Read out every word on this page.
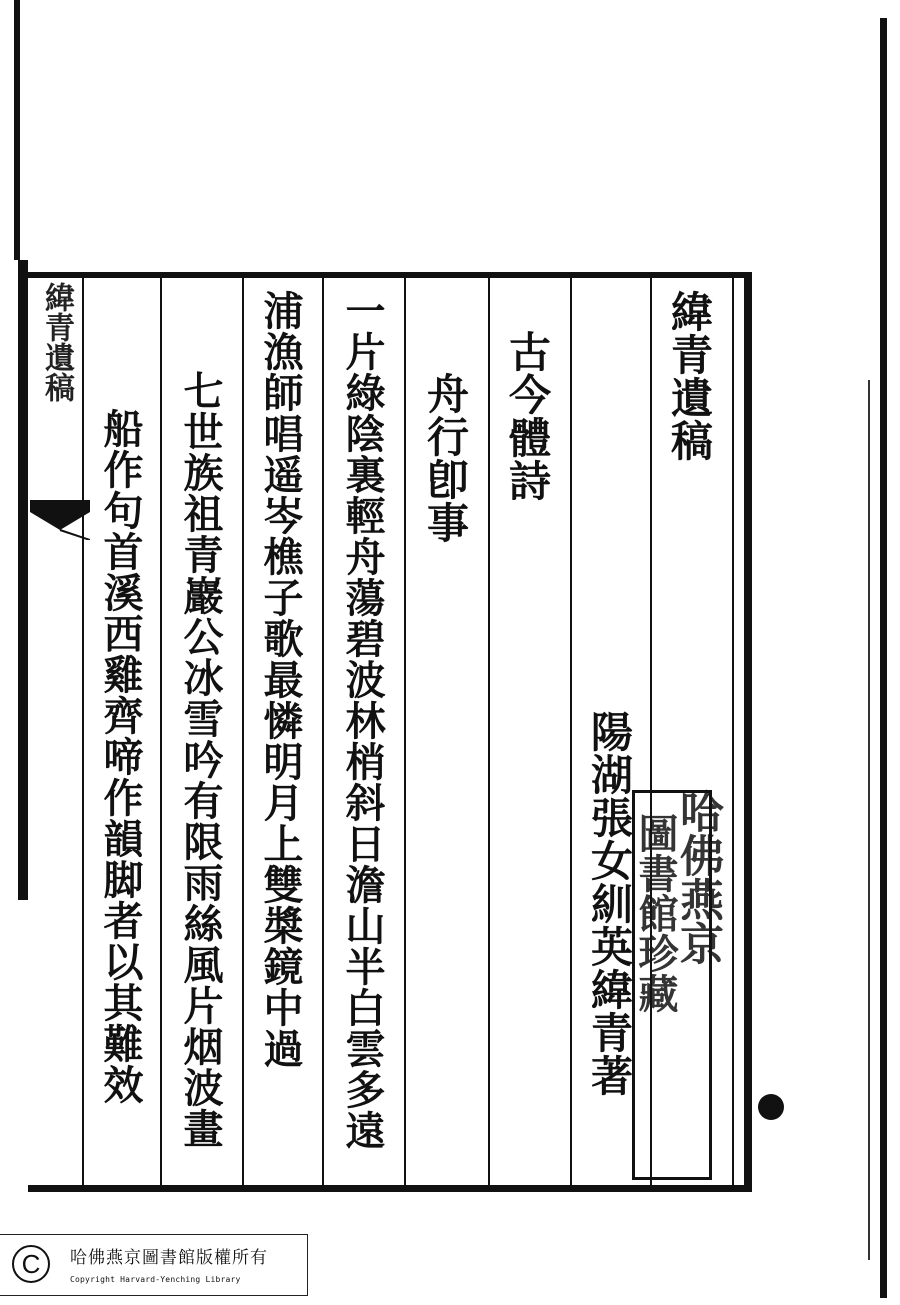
緯青遺稿
哈佛燕京
圖書館珍藏
緯青遺稿
陽湖張女紃英緯青著
古今體詩
舟行卽事
一片綠陰裏輕舟蕩碧波林梢斜日澹山半白雲多遠
浦漁師唱遥岑樵子歌最憐明月上雙槳鏡中過
七世族祖青巖公冰雪吟有限雨絲風片烟波畫
船作句首溪西雞齊啼作韻脚者以其難效
C	哈佛燕京圖書館版權所有
Copyright Harvard-Yenching Library
